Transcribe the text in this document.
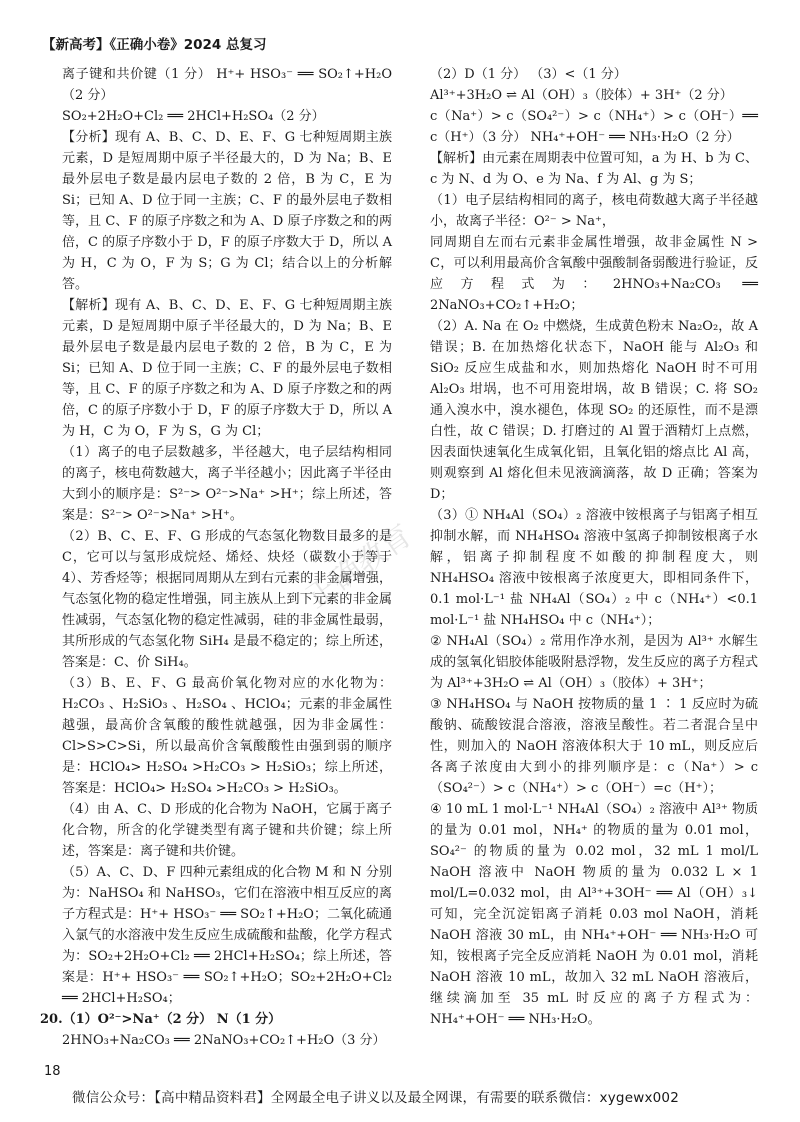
【新高考】《正确小卷》2024 总复习
正确教育

离子键和共价键（1 分） H⁺+ HSO₃⁻ ══ SO₂↑+H₂O（2 分）

SO₂+2H₂O+Cl₂ ══ 2HCl+H₂SO₄（2 分）

【分析】现有 A、B、C、D、E、F、G 七种短周期主族元素，D 是短周期中原子半径最大的，D 为 Na；B、E 最外层电子数是最内层电子数的 2 倍，B 为 C，E 为 Si；已知 A、D 位于同一主族；C、F 的最外层电子数相等，且 C、F 的原子序数之和为 A、D 原子序数之和的两倍，C 的原子序数小于 D，F 的原子序数大于 D，所以 A 为 H，C 为 O，F 为 S；G 为 Cl；结合以上的分析解答。

【解析】现有 A、B、C、D、E、F、G 七种短周期主族元素，D 是短周期中原子半径最大的，D 为 Na；B、E 最外层电子数是最内层电子数的 2 倍，B 为 C，E 为 Si；已知 A、D 位于同一主族；C、F 的最外层电子数相等，且 C、F 的原子序数之和为 A、D 原子序数之和的两倍，C 的原子序数小于 D，F 的原子序数大于 D，所以 A 为 H，C 为 O，F 为 S，G 为 Cl；

（1）离子的电子层数越多，半径越大，电子层结构相同的离子，核电荷数越大，离子半径越小；因此离子半径由大到小的顺序是：S²⁻> O²⁻>Na⁺ >H⁺；综上所述，答案是：S²⁻> O²⁻>Na⁺ >H⁺。

（2）B、C、E、F、G 形成的气态氢化物数目最多的是 C，它可以与氢形成烷烃、烯烃、炔烃（碳数小于等于 4）、芳香烃等；根据同周期从左到右元素的非金属增强，气态氢化物的稳定性增强，同主族从上到下元素的非金属性减弱，气态氢化物的稳定性减弱，硅的非金属性最弱，其所形成的气态氢化物 SiH₄ 是最不稳定的；综上所述，答案是：C、价 SiH₄。

（3）B、E、F、G 最高价氧化物对应的水化物为：H₂CO₃ 、H₂SiO₃ 、H₂SO₄ 、HClO₄；元素的非金属性越强，最高价含氧酸的酸性就越强，因为非金属性：Cl>S>C>Si，所以最高价含氧酸酸性由强到弱的顺序是：HClO₄> H₂SO₄ >H₂CO₃ > H₂SiO₃；综上所述，答案是：HClO₄> H₂SO₄ >H₂CO₃ > H₂SiO₃。

（4）由 A、C、D 形成的化合物为 NaOH，它属于离子化合物，所含的化学键类型有离子键和共价键；综上所述，答案是：离子键和共价键。

（5）A、C、D、F 四种元素组成的化合物 M 和 N 分别为：NaHSO₄ 和 NaHSO₃，它们在溶液中相互反应的离子方程式是：H⁺+ HSO₃⁻ ══ SO₂↑+H₂O；二氧化硫通入氯气的水溶液中发生反应生成硫酸和盐酸，化学方程式为：SO₂+2H₂O+Cl₂ ══ 2HCl+H₂SO₄；综上所述，答案是：H⁺+ HSO₃⁻ ══ SO₂↑+H₂O；SO₂+2H₂O+Cl₂ ══ 2HCl+H₂SO₄；

20.（1）O²⁻>Na⁺（2 分） N（1 分）

2HNO₃+Na₂CO₃ ══ 2NaNO₃+CO₂↑+H₂O（3 分）

（2）D（1 分） （3）<（1 分）

Al³⁺+3H₂O ⇌ Al（OH）₃（胶体）+ 3H⁺（2 分）

c（Na⁺）> c（SO₄²⁻）> c（NH₄⁺）> c（OH⁻）══ c（H⁺）（3 分） NH₄⁺+OH⁻ ══ NH₃·H₂O（2 分）

【解析】由元素在周期表中位置可知，a 为 H、b 为 C、c 为 N、d 为 O、e 为 Na、f 为 Al、g 为 S；

（1）电子层结构相同的离子，核电荷数越大离子半径越小，故离子半径：O²⁻ > Na⁺，

同周期自左而右元素非金属性增强，故非金属性 N > C，可以利用最高价含氧酸中强酸制备弱酸进行验证，反应方程式为：2HNO₃+Na₂CO₃ ══ 2NaNO₃+CO₂↑+H₂O；

（2）A. Na 在 O₂ 中燃烧，生成黄色粉末 Na₂O₂，故 A 错误；B. 在加热熔化状态下，NaOH 能与 Al₂O₃ 和 SiO₂ 反应生成盐和水，则加热熔化 NaOH 时不可用 Al₂O₃ 坩埚，也不可用瓷坩埚，故 B 错误；C. 将 SO₂ 通入溴水中，溴水褪色，体现 SO₂ 的还原性，而不是漂白性，故 C 错误；D. 打磨过的 Al 置于酒精灯上点燃，因表面快速氧化生成氧化铝，且氧化铝的熔点比 Al 高，则观察到 Al 熔化但未见液滴滴落，故 D 正确；答案为 D；

（3）① NH₄Al（SO₄）₂ 溶液中铵根离子与铝离子相互抑制水解，而 NH₄HSO₄ 溶液中氢离子抑制铵根离子水解，铝离子抑制程度不如酸的抑制程度大，则 NH₄HSO₄ 溶液中铵根离子浓度更大，即相同条件下，0.1 mol·L⁻¹ 盐 NH₄Al（SO₄）₂ 中 c（NH₄⁺）<0.1 mol·L⁻¹ 盐 NH₄HSO₄ 中 c（NH₄⁺）；

② NH₄Al（SO₄）₂ 常用作净水剂，是因为 Al³⁺ 水解生成的氢氧化铝胶体能吸附悬浮物，发生反应的离子方程式为 Al³⁺+3H₂O ⇌ Al（OH）₃（胶体）+ 3H⁺；

③ NH₄HSO₄ 与 NaOH 按物质的量 1 ∶ 1 反应时为硫酸钠、硫酸铵混合溶液，溶液呈酸性。若二者混合呈中性，则加入的 NaOH 溶液体积大于 10 mL，则反应后各离子浓度由大到小的排列顺序是：c（Na⁺）> c（SO₄²⁻）> c（NH₄⁺）> c（OH⁻）=c（H⁺）；

④ 10 mL 1 mol·L⁻¹ NH₄Al（SO₄）₂ 溶液中 Al³⁺ 物质的量为 0.01 mol，NH₄⁺ 的物质的量为 0.01 mol，SO₄²⁻ 的物质的量为 0.02 mol，32 mL 1 mol/L NaOH 溶液中 NaOH 物质的量为 0.032 L × 1 mol/L=0.032 mol，由 Al³⁺+3OH⁻ ══ Al（OH）₃↓可知，完全沉淀铝离子消耗 0.03 mol NaOH，消耗 NaOH 溶液 30 mL，由 NH₄⁺+OH⁻ ══ NH₃·H₂O 可知，铵根离子完全反应消耗 NaOH 为 0.01 mol，消耗 NaOH 溶液 10 mL，故加入 32 mL NaOH 溶液后，继续滴加至 35 mL 时反应的离子方程式为：NH₄⁺+OH⁻ ══ NH₃·H₂O。

18
微信公众号：【高中精品资料君】全网最全电子讲义以及最全网课，有需要的联系微信：xygewx002
